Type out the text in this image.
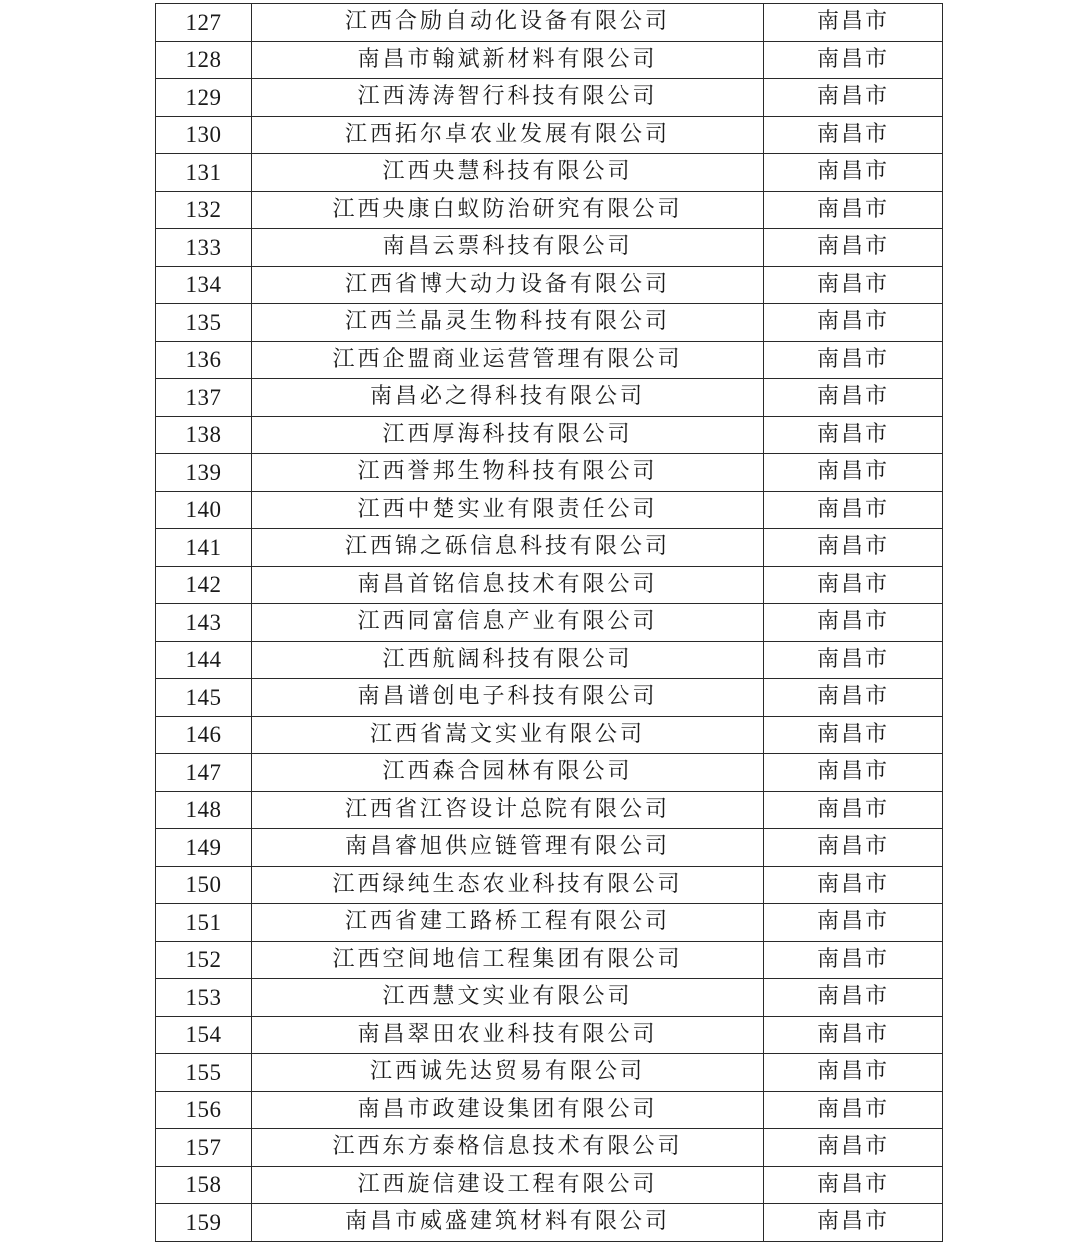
127	江西合励自动化设备有限公司	南昌市
128	南昌市翰斌新材料有限公司	南昌市
129	江西涛涛智行科技有限公司	南昌市
130	江西拓尔卓农业发展有限公司	南昌市
131	江西央慧科技有限公司	南昌市
132	江西央康白蚁防治研究有限公司	南昌市
133	南昌云票科技有限公司	南昌市
134	江西省博大动力设备有限公司	南昌市
135	江西兰晶灵生物科技有限公司	南昌市
136	江西企盟商业运营管理有限公司	南昌市
137	南昌必之得科技有限公司	南昌市
138	江西厚海科技有限公司	南昌市
139	江西誉邦生物科技有限公司	南昌市
140	江西中楚实业有限责任公司	南昌市
141	江西锦之砾信息科技有限公司	南昌市
142	南昌首铭信息技术有限公司	南昌市
143	江西同富信息产业有限公司	南昌市
144	江西航阔科技有限公司	南昌市
145	南昌谱创电子科技有限公司	南昌市
146	江西省嵩文实业有限公司	南昌市
147	江西森合园林有限公司	南昌市
148	江西省江咨设计总院有限公司	南昌市
149	南昌睿旭供应链管理有限公司	南昌市
150	江西绿纯生态农业科技有限公司	南昌市
151	江西省建工路桥工程有限公司	南昌市
152	江西空间地信工程集团有限公司	南昌市
153	江西慧文实业有限公司	南昌市
154	南昌翠田农业科技有限公司	南昌市
155	江西诚先达贸易有限公司	南昌市
156	南昌市政建设集团有限公司	南昌市
157	江西东方泰格信息技术有限公司	南昌市
158	江西旋信建设工程有限公司	南昌市
159	南昌市威盛建筑材料有限公司	南昌市
